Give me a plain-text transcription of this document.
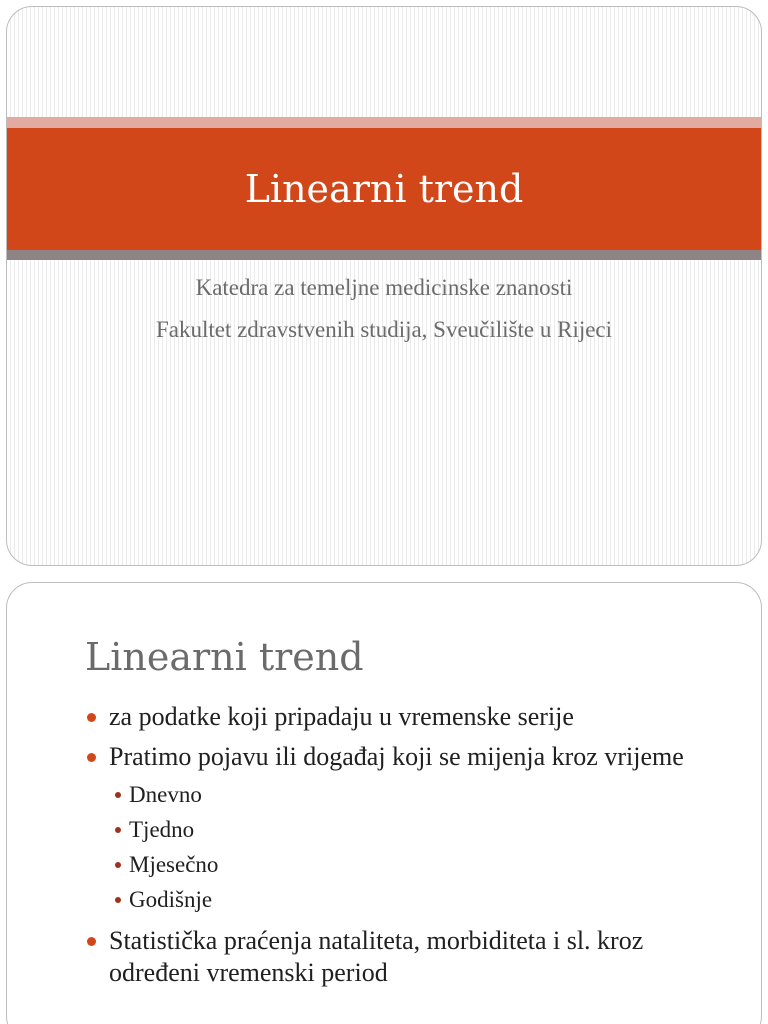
Linearni trend
Katedra za temeljne medicinske znanosti
Fakultet zdravstvenih studija, Sveučilište u Rijeci
Linearni trend
za podatke koji pripadaju u vremenske serije
Pratimo pojavu ili događaj koji se mijenja kroz vrijeme
Dnevno
Tjedno
Mjesečno
Godišnje
Statistička praćenja nataliteta, morbiditeta i sl. kroz određeni vremenski period
